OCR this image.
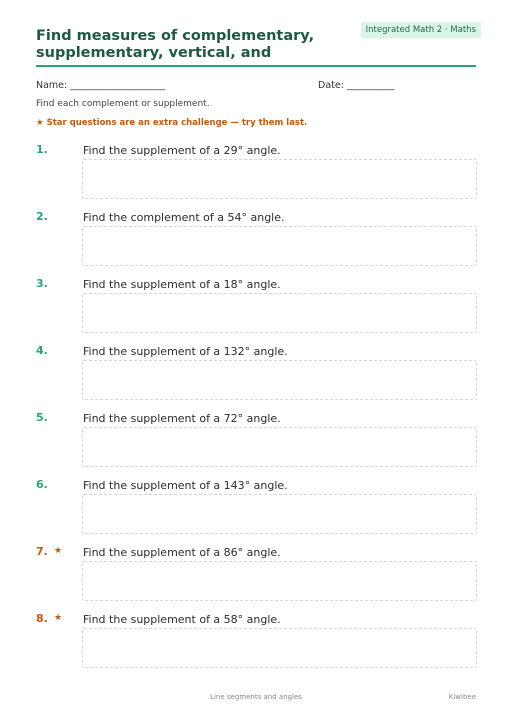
Find measures of complementary, supplementary, vertical, and
Integrated Math 2 · Maths
Name: ____________________	Date: __________
Find each complement or supplement.
★ Star questions are an extra challenge — try them last.
1.	Find the supplement of a 29° angle.
2.	Find the complement of a 54° angle.
3.	Find the supplement of a 18° angle.
4.	Find the supplement of a 132° angle.
5.	Find the supplement of a 72° angle.
6.	Find the supplement of a 143° angle.
7. ★ Find the supplement of a 86° angle.
8. ★ Find the supplement of a 58° angle.
Line segments and angles	Kiwibee
